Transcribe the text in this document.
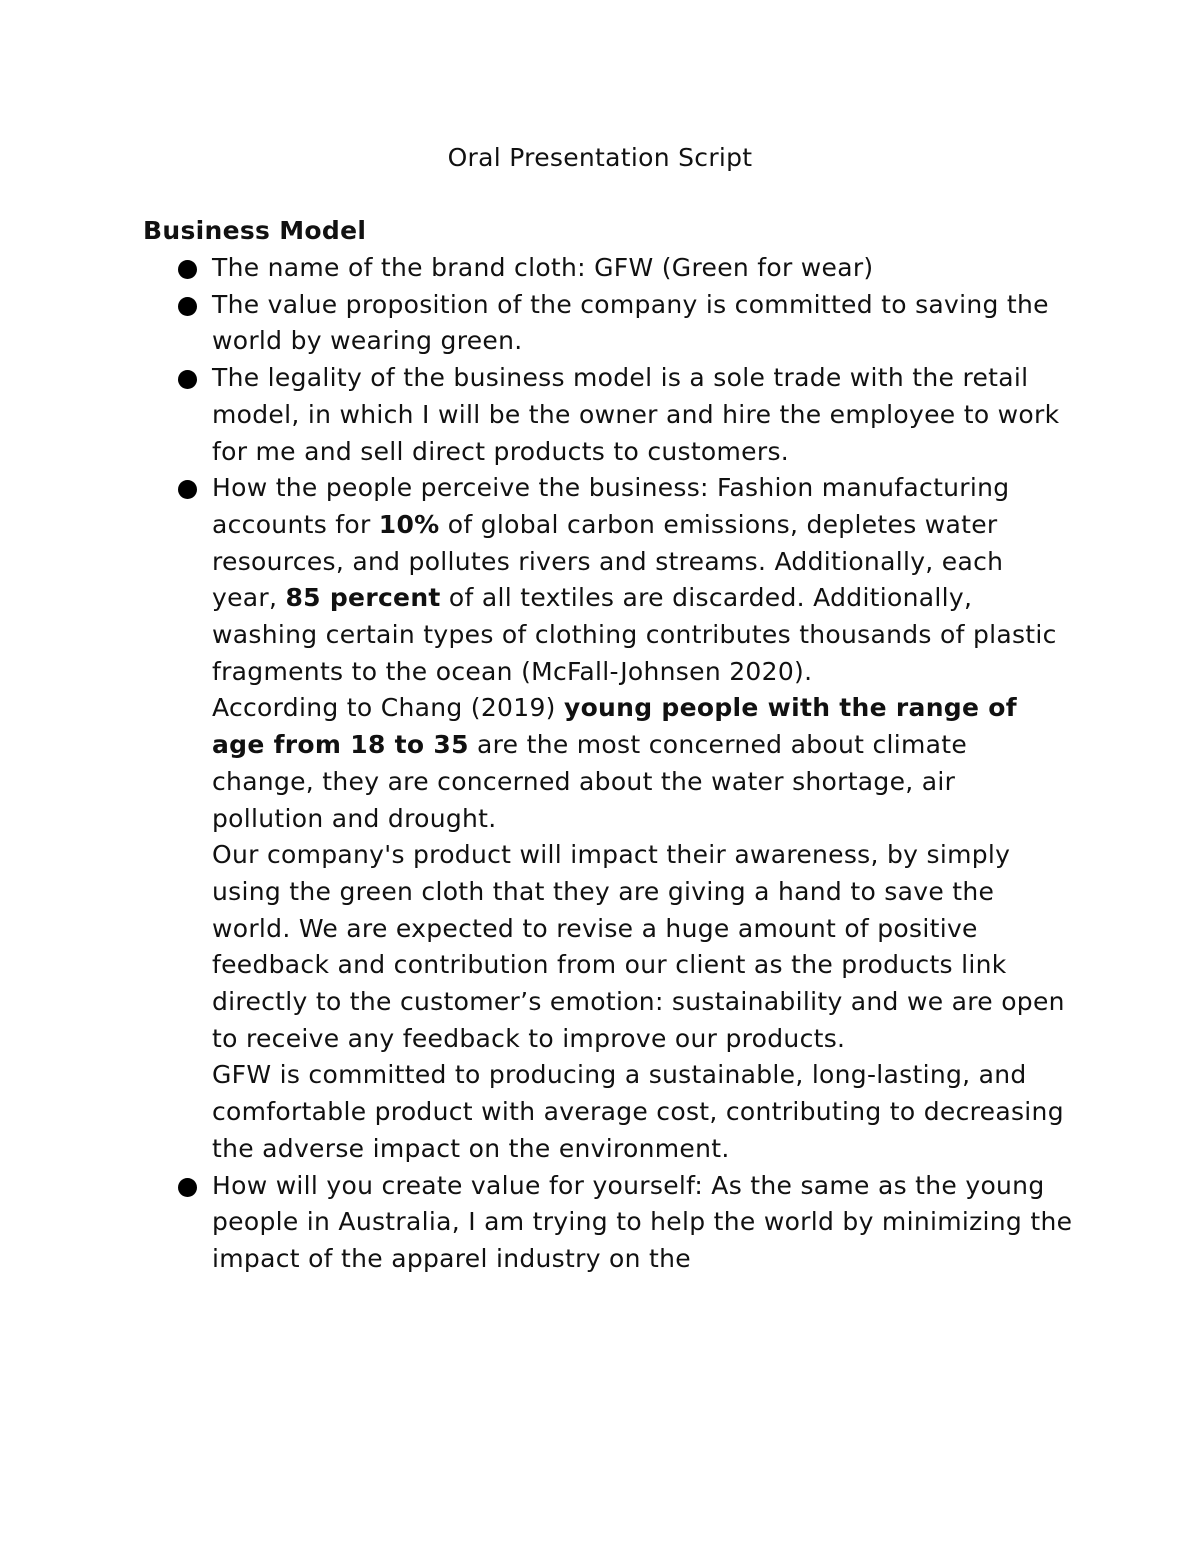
Oral Presentation Script
Business Model

The name of the brand cloth: GFW (Green for wear)

The value proposition of the company is committed to saving the world by wearing green.

The legality of the business model is a sole trade with the retail model, in which I will be the owner and hire the employee to work for me and sell direct products to customers.

How the people perceive the business: Fashion manufacturing accounts for 10% of global carbon emissions, depletes water resources, and pollutes rivers and streams. Additionally, each year, 85 percent of all textiles are discarded. Additionally, washing certain types of clothing contributes thousands of plastic fragments to the ocean (McFall-Johnsen 2020).

According to Chang (2019) young people with the range of age from 18 to 35 are the most concerned about climate change, they are concerned about the water shortage, air pollution and drought.

Our company's product will impact their awareness, by simply using the green cloth that they are giving a hand to save the world. We are expected to revise a huge amount of positive feedback and contribution from our client as the products link directly to the customer’s emotion: sustainability and we are open to receive any feedback to improve our products.

GFW is committed to producing a sustainable, long-lasting, and comfortable product with average cost, contributing to decreasing the adverse impact on the environment.

How will you create value for yourself: As the same as the young people in Australia, I am trying to help the world by minimizing the impact of the apparel industry on the
